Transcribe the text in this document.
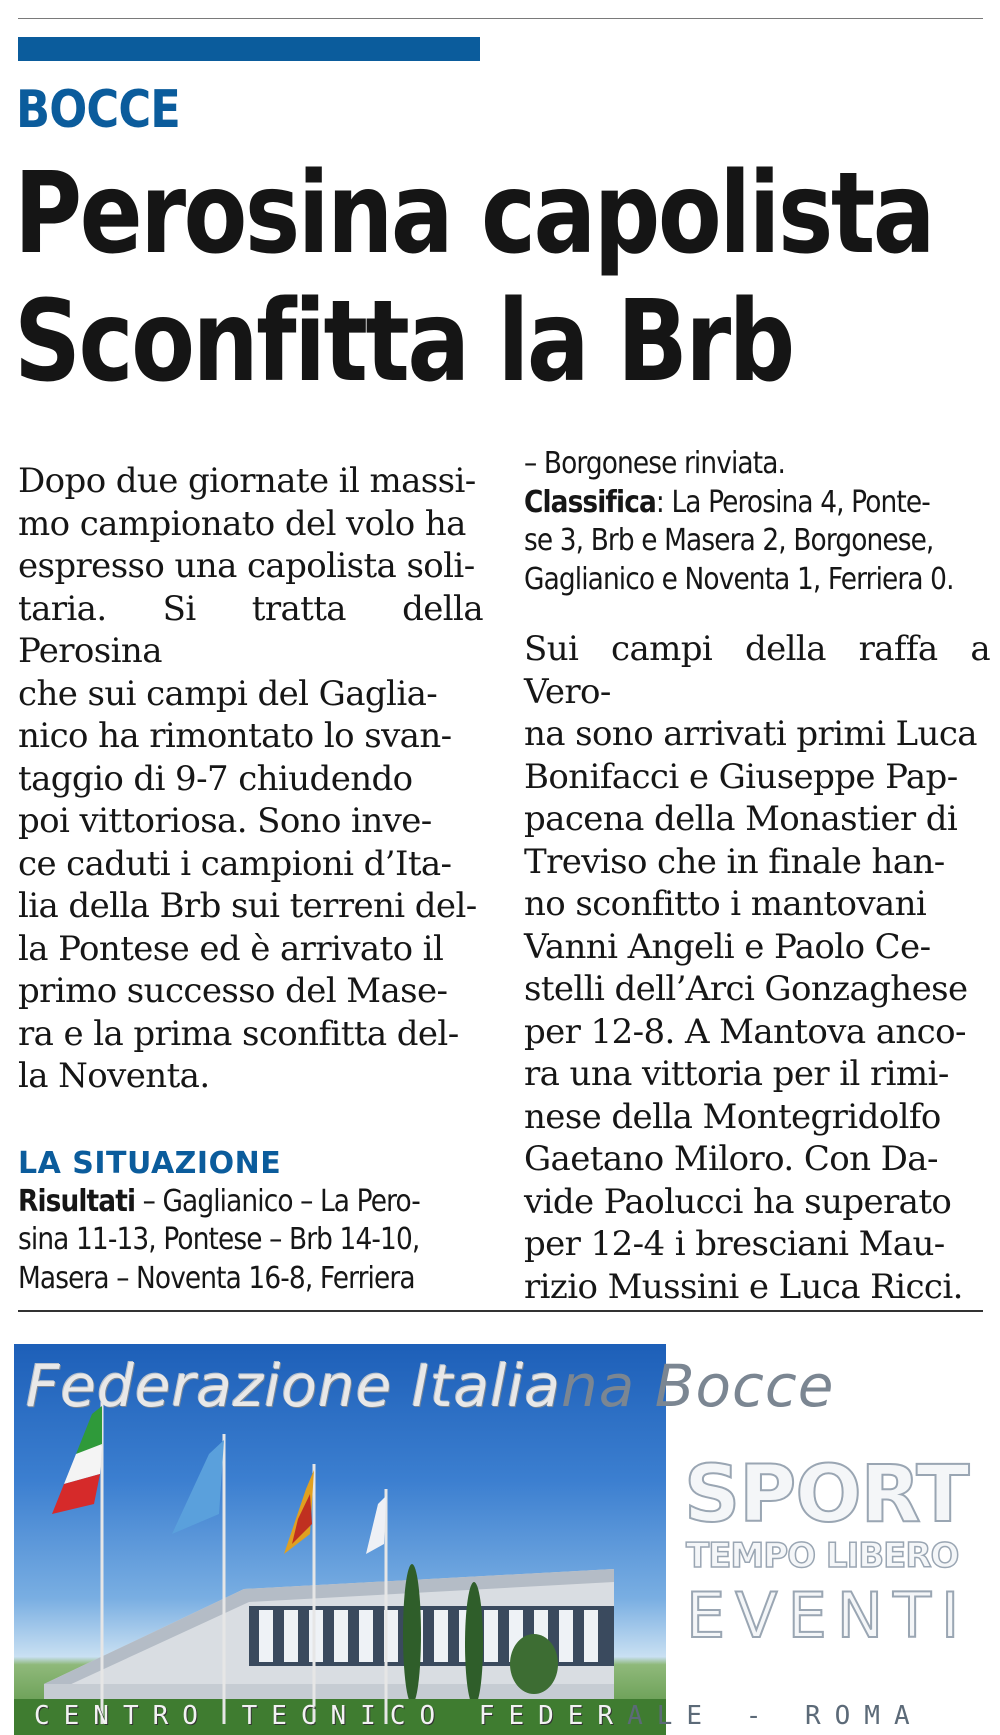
BOCCE
Perosina capolista
Sconfitta la Brb
Dopo due giornate il massi-
mo campionato del volo ha
espresso una capolista soli-
taria. Si tratta della Perosina
che sui campi del Gaglia-
nico ha rimontato lo svan-
taggio di 9-7 chiudendo
poi vittoriosa. Sono inve-
ce caduti i campioni d’Ita-
lia della Brb sui terreni del-
la Pontese ed è arrivato il
primo successo del Mase-
ra e la prima sconfitta del-
la Noventa.
LA SITUAZIONE
Risultati – Gaglianico – La Pero-
sina 11-13, Pontese – Brb 14-10,
Masera – Noventa 16-8, Ferriera
– Borgonese rinviata.
Classifica: La Perosina 4, Ponte-
se 3, Brb e Masera 2, Borgonese,
Gaglianico e Noventa 1, Ferriera 0.
Sui campi della raffa a Vero-
na sono arrivati primi Luca
Bonifacci e Giuseppe Pap-
pacena della Monastier di
Treviso che in finale han-
no sconfitto i mantovani
Vanni Angeli e Paolo Ce-
stelli dell’Arci Gonzaghese
per 12-8. A Mantova anco-
ra una vittoria per il rimi-
nese della Montegridolfo
Gaetano Miloro. Con Da-
vide Paolucci ha superato
per 12-4 i bresciani Mau-
rizio Mussini e Luca Ricci.
Federazione Italiana Bocce
SPORT
TEMPO LIBERO
EVENTI
CENTRO TECNICO FEDERALE - ROMA
